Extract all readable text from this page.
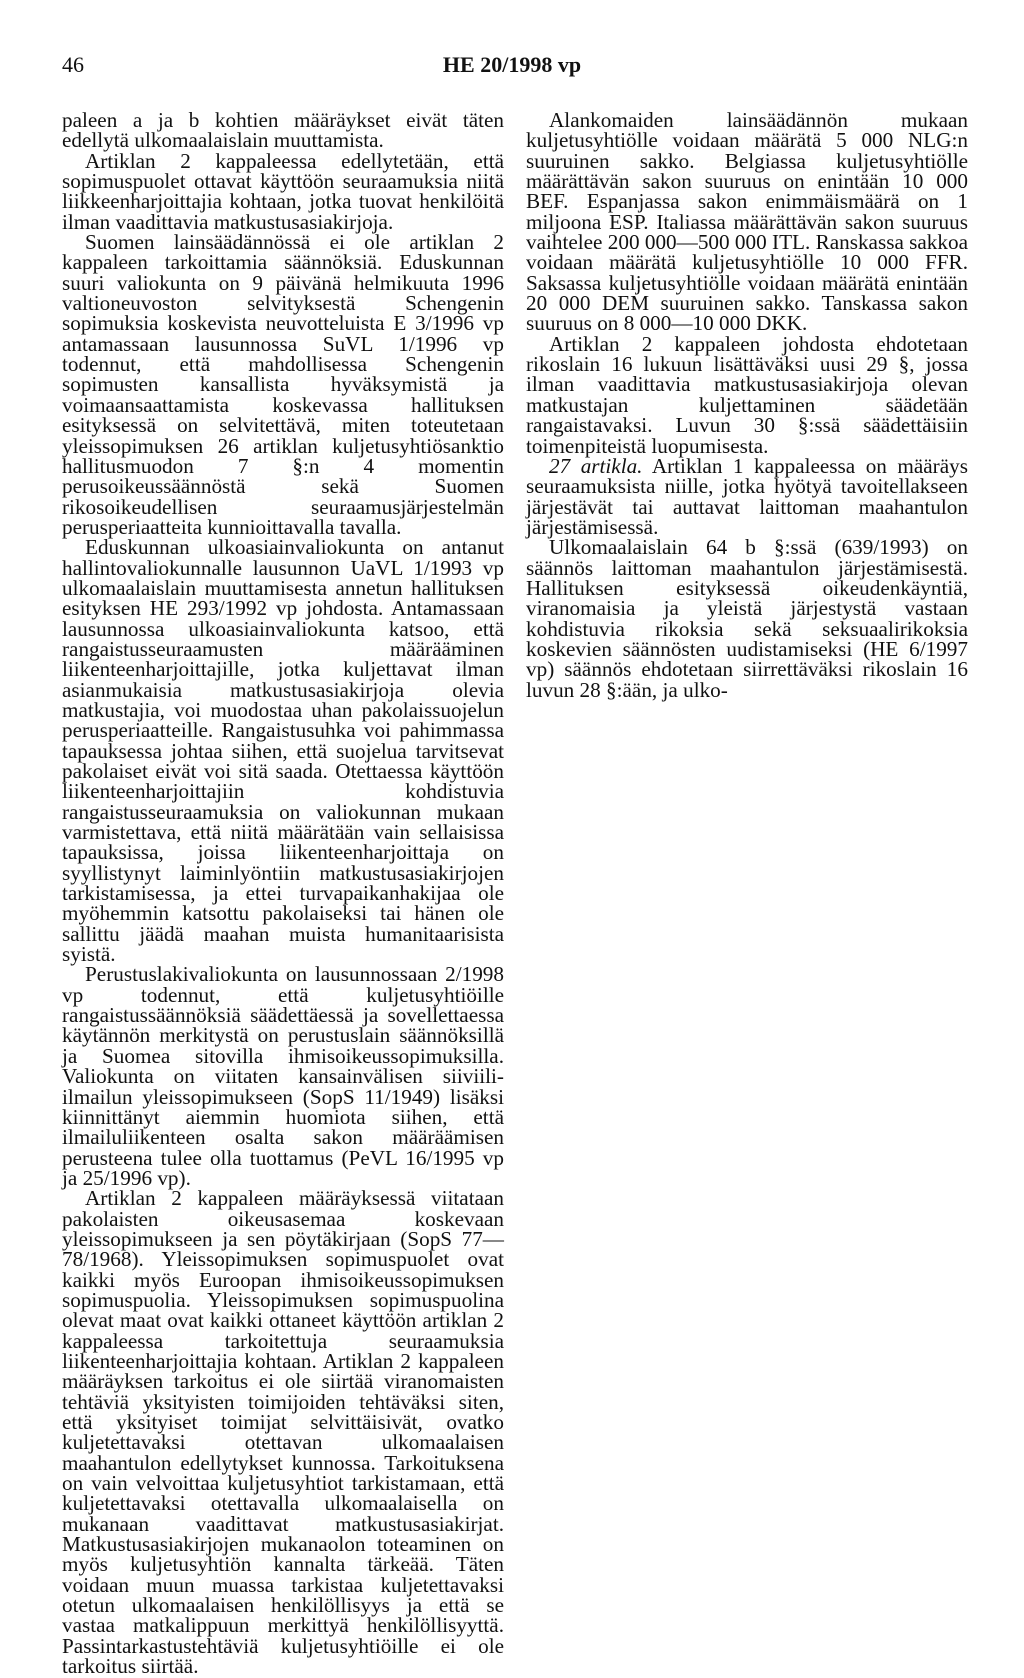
46	HE 20/1998 vp

paleen a ja b kohtien määräykset eivät täten edellytä ulkomaalaislain muuttamista.

Artiklan 2 kappaleessa edellytetään, että sopimuspuolet ottavat käyttöön seuraamuksia niitä liikkeenharjoittajia kohtaan, jotka tuovat henkilöitä ilman vaadittavia matkustusasiakirjoja.

Suomen lainsäädännössä ei ole artiklan 2 kappaleen tarkoittamia säännöksiä. Eduskunnan suuri valiokunta on 9 päivänä helmikuuta 1996 valtioneuvoston selvityksestä Schengenin sopimuksia koskevista neuvotteluista E 3/1996 vp antamassaan lausunnossa SuVL 1/1996 vp todennut, että mahdollisessa Schengenin sopimusten kansallista hyväksymistä ja voimaansaattamista koskevassa hallituksen esityksessä on selvitettävä, miten toteutetaan yleissopimuksen 26 artiklan kuljetusyhtiösanktio hallitusmuodon 7 §:n 4 momentin perusoikeussäännöstä sekä Suomen rikosoikeudellisen seuraamusjärjestelmän perusperiaatteita kunnioittavalla tavalla.

Eduskunnan ulkoasiainvaliokunta on antanut hallintovaliokunnalle lausunnon UaVL 1/1993 vp ulkomaalaislain muuttamisesta annetun hallituksen esityksen HE 293/1992 vp johdosta. Antamassaan lausunnossa ulkoasiainvaliokunta katsoo, että rangaistusseuraamusten määrääminen liikenteenharjoittajille, jotka kuljettavat ilman asianmukaisia matkustusasiakirjoja olevia matkustajia, voi muodostaa uhan pakolaissuojelun perusperiaatteille. Rangaistusuhka voi pahimmassa tapauksessa johtaa siihen, että suojelua tarvitsevat pakolaiset eivät voi sitä saada. Otettaessa käyttöön liikenteenharjoittajiin kohdistuvia rangaistusseuraamuksia on valiokunnan mukaan varmistettava, että niitä määrätään vain sellaisissa tapauksissa, joissa liikenteenharjoittaja on syyllistynyt laiminlyöntiin matkustusasiakirjojen tarkistamisessa, ja ettei turvapaikanhakijaa ole myöhemmin katsottu pakolaiseksi tai hänen ole sallittu jäädä maahan muista humanitaarisista syistä.

Perustuslakivaliokunta on lausunnossaan 2/1998 vp todennut, että kuljetusyhtiöille rangaistussäännöksiä säädettäessä ja sovellettaessa käytännön merkitystä on perustuslain säännöksillä ja Suomea sitovilla ihmisoikeussopimuksilla. Valiokunta on viitaten kansainvälisen siiviili-ilmailun yleissopimukseen (SopS 11/1949) lisäksi kiinnittänyt aiemmin huomiota siihen, että ilmailuliikenteen osalta sakon määräämisen perusteena tulee olla tuottamus (PeVL 16/1995 vp ja 25/1996 vp).

Artiklan 2 kappaleen määräyksessä viitataan pakolaisten oikeusasemaa koskevaan yleissopimukseen ja sen pöytäkirjaan (SopS 77—78/1968). Yleissopimuksen sopimuspuolet ovat kaikki myös Euroopan ihmisoikeussopimuksen sopimuspuolia. Yleissopimuksen sopimuspuolina olevat maat ovat kaikki ottaneet käyttöön artiklan 2 kappaleessa tarkoitettuja seuraamuksia liikenteenharjoittajia kohtaan. Artiklan 2 kappaleen määräyksen tarkoitus ei ole siirtää viranomaisten tehtäviä yksityisten toimijoiden tehtäväksi siten, että yksityiset toimijat selvittäisivät, ovatko kuljetettavaksi otettavan ulkomaalaisen maahantulon edellytykset kunnossa. Tarkoituksena on vain velvoittaa kuljetusyhtiot tarkistamaan, että kuljetettavaksi otettavalla ulkomaalaisella on mukanaan vaadittavat matkustusasiakirjat. Matkustusasiakirjojen mukanaolon toteaminen on myös kuljetusyhtiön kannalta tärkeää. Täten voidaan muun muassa tarkistaa kuljetettavaksi otetun ulkomaalaisen henkilöllisyys ja että se vastaa matkalippuun merkittyä henkilöllisyyttä. Passintarkastustehtäviä kuljetusyhtiöille ei ole tarkoitus siirtää.

Alankomaiden lainsäädännön mukaan kuljetusyhtiölle voidaan määrätä 5 000 NLG:n suuruinen sakko. Belgiassa kuljetusyhtiölle määrättävän sakon suuruus on enintään 10 000 BEF. Espanjassa sakon enimmäismäärä on 1 miljoona ESP. Italiassa määrättävän sakon suuruus vaihtelee 200 000—500 000 ITL. Ranskassa sakkoa voidaan määrätä kuljetusyhtiölle 10 000 FFR. Saksassa kuljetusyhtiölle voidaan määrätä enintään 20 000 DEM suuruinen sakko. Tanskassa sakon suuruus on 8 000—10 000 DKK.

Artiklan 2 kappaleen johdosta ehdotetaan rikoslain 16 lukuun lisättäväksi uusi 29 §, jossa ilman vaadittavia matkustusasiakirjoja olevan matkustajan kuljettaminen säädetään rangaistavaksi. Luvun 30 §:ssä säädettäisiin toimenpiteistä luopumisesta.

27 artikla. Artiklan 1 kappaleessa on määräys seuraamuksista niille, jotka hyötyä tavoitellakseen järjestävät tai auttavat laittoman maahantulon järjestämisessä.

Ulkomaalaislain 64 b §:ssä (639/1993) on säännös laittoman maahantulon järjestämisestä. Hallituksen esityksessä oikeudenkäyntiä, viranomaisia ja yleistä järjestystä vastaan kohdistuvia rikoksia sekä seksuaalirikoksia koskevien säännösten uudistamiseksi (HE 6/1997 vp) säännös ehdotetaan siirrettäväksi rikoslain 16 luvun 28 §:ään, ja ulko-
